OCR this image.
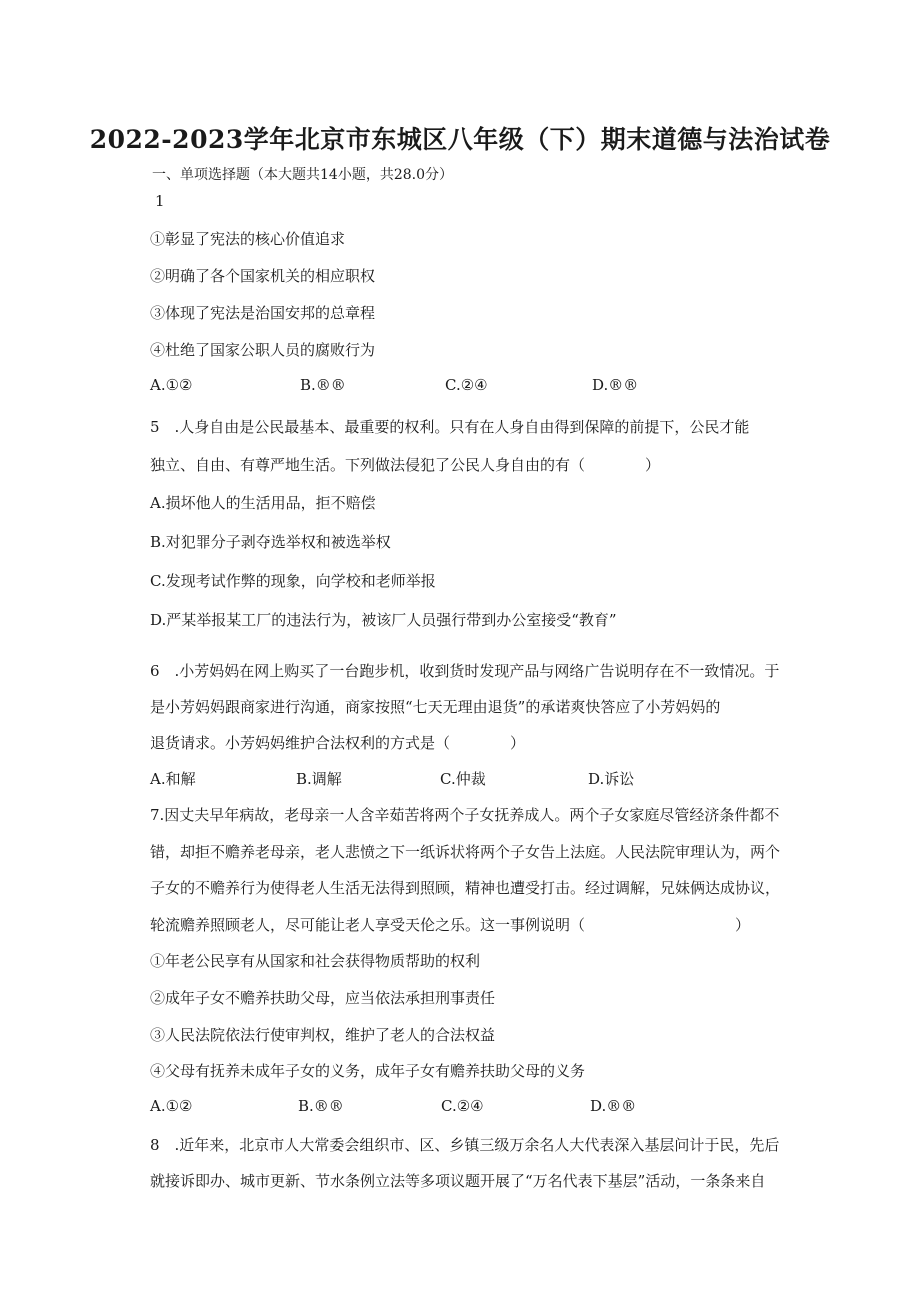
2022-2023学年北京市东城区八年级（下）期末道德与法治试卷
一、单项选择题（本大题共14小题，共28.0分）
1
①彰显了宪法的核心价值追求
②明确了各个国家机关的相应职权
③体现了宪法是治国安邦的总章程
④杜绝了国家公职人员的腐败行为
A.①②	B.®®	C.②④	D.®®
5　.人身自由是公民最基本、最重要的权利。只有在人身自由得到保障的前提下，公民才能
独立、自由、有尊严地生活。下列做法侵犯了公民人身自由的有（　　　　）
A.损坏他人的生活用品，拒不赔偿
B.对犯罪分子剥夺选举权和被选举权
C.发现考试作弊的现象，向学校和老师举报
D.严某举报某工厂的违法行为，被该厂人员强行带到办公室接受“教育”
6　.小芳妈妈在网上购买了一台跑步机，收到货时发现产品与网络广告说明存在不一致情况。于
是小芳妈妈跟商家进行沟通，商家按照“七天无理由退货”的承诺爽快答应了小芳妈妈的
退货请求。小芳妈妈维护合法权利的方式是（　　　　）
A.和解	B.调解	C.仲裁	D.诉讼
7.因丈夫早年病故，老母亲一人含辛茹苦将两个子女抚养成人。两个子女家庭尽管经济条件都不
错，却拒不赡养老母亲，老人悲愤之下一纸诉状将两个子女告上法庭。人民法院审理认为，两个
子女的不赡养行为使得老人生活无法得到照顾，精神也遭受打击。经过调解，兄妹俩达成协议，
轮流赡养照顾老人，尽可能让老人享受天伦之乐。这一事例说明（　　　　　　　　　　）
①年老公民享有从国家和社会获得物质帮助的权利
②成年子女不赡养扶助父母，应当依法承担刑事责任
③人民法院依法行使审判权，维护了老人的合法权益
④父母有抚养未成年子女的义务，成年子女有赡养扶助父母的义务
A.①②	B.®®	C.②④	D.®®
8　.近年来，北京市人大常委会组织市、区、乡镇三级万余名人大代表深入基层问计于民，先后
就接诉即办、城市更新、节水条例立法等多项议题开展了“万名代表下基层”活动，一条条来自
